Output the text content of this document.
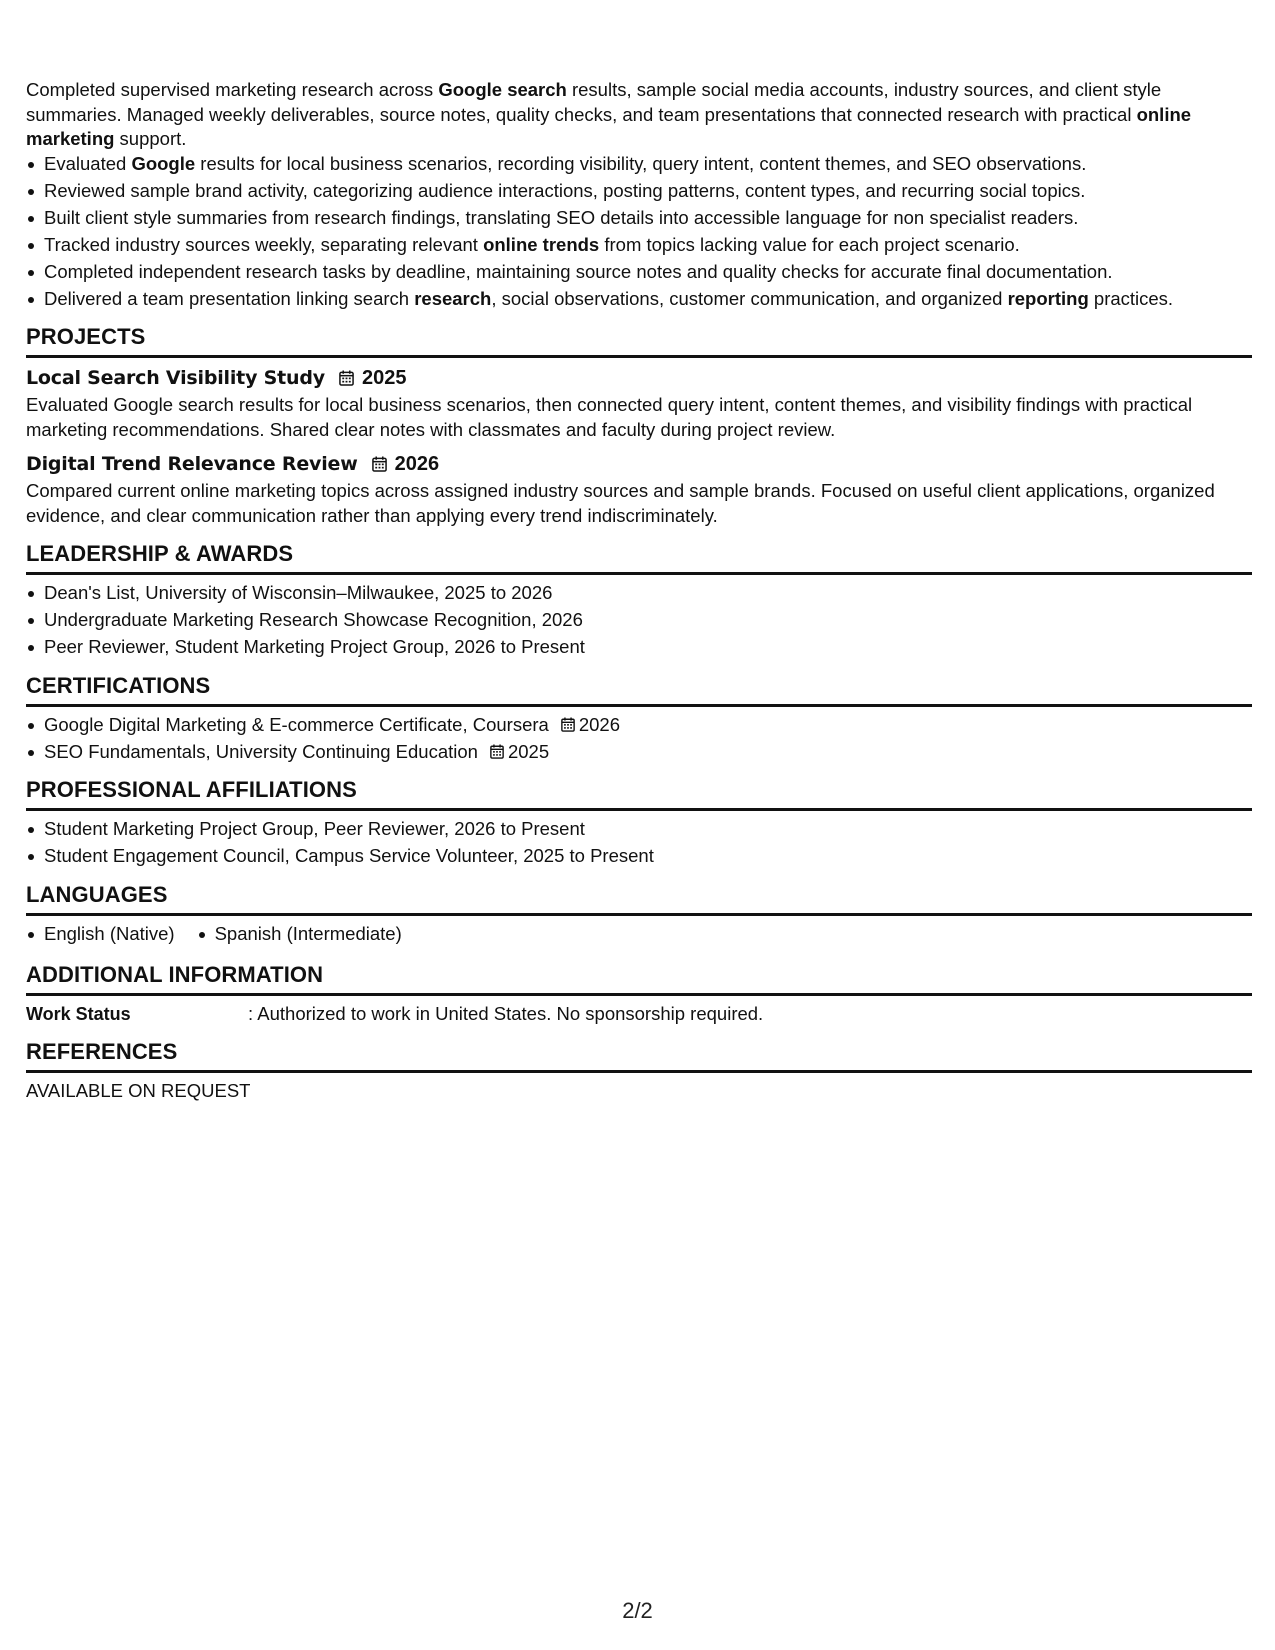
Completed supervised marketing research across Google search results, sample social media accounts, industry sources, and client style summaries. Managed weekly deliverables, source notes, quality checks, and team presentations that connected research with practical online marketing support.

Evaluated Google results for local business scenarios, recording visibility, query intent, content themes, and SEO observations.
Reviewed sample brand activity, categorizing audience interactions, posting patterns, content types, and recurring social topics.
Built client style summaries from research findings, translating SEO details into accessible language for non specialist readers.
Tracked industry sources weekly, separating relevant online trends from topics lacking value for each project scenario.
Completed independent research tasks by deadline, maintaining source notes and quality checks for accurate final documentation.
Delivered a team presentation linking search research, social observations, customer communication, and organized reporting practices.
PROJECTS
Local Search Visibility Study 2025

Evaluated Google search results for local business scenarios, then connected query intent, content themes, and visibility findings with practical marketing recommendations. Shared clear notes with classmates and faculty during project review.

Digital Trend Relevance Review 2026

Compared current online marketing topics across assigned industry sources and sample brands. Focused on useful client applications, organized evidence, and clear communication rather than applying every trend indiscriminately.

LEADERSHIP & AWARDS
Dean's List, University of Wisconsin–Milwaukee, 2025 to 2026
Undergraduate Marketing Research Showcase Recognition, 2026
Peer Reviewer, Student Marketing Project Group, 2026 to Present
CERTIFICATIONS
Google Digital Marketing & E-commerce Certificate, Coursera 2026
SEO Fundamentals, University Continuing Education 2025
PROFESSIONAL AFFILIATIONS
Student Marketing Project Group, Peer Reviewer, 2026 to Present
Student Engagement Council, Campus Service Volunteer, 2025 to Present
LANGUAGES
English (Native) Spanish (Intermediate)
ADDITIONAL INFORMATION
Work Status	: Authorized to work in United States. No sponsorship required.
REFERENCES

AVAILABLE ON REQUEST

2/2
